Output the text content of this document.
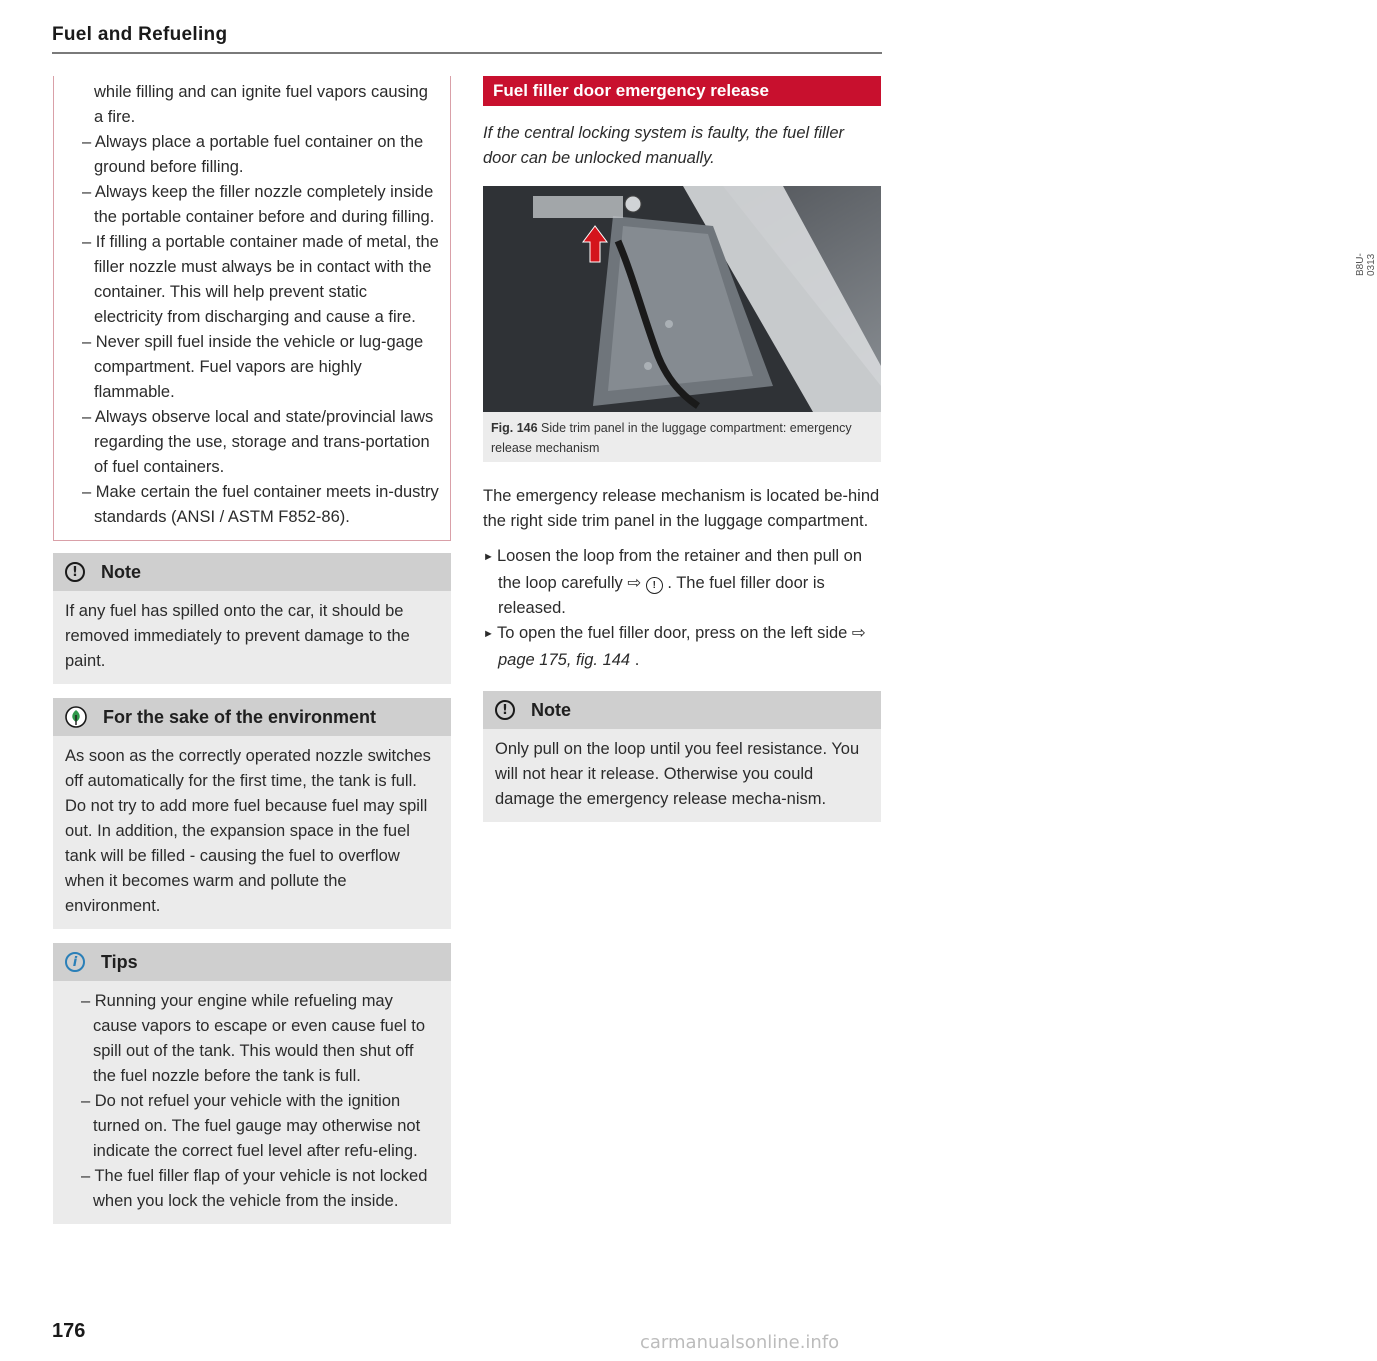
Fuel and Refueling

while filling and can ignite fuel vapors causing a fire.

– Always place a portable fuel container on the ground before filling.
– Always keep the filler nozzle completely inside the portable container before and during filling.
– If filling a portable container made of metal, the filler nozzle must always be in contact with the container. This will help prevent static electricity from discharging and cause a fire.
– Never spill fuel inside the vehicle or lug-gage compartment. Fuel vapors are highly flammable.
– Always observe local and state/provincial laws regarding the use, storage and trans-portation of fuel containers.
– Make certain the fuel container meets in-dustry standards (ANSI / ASTM F852-86).
!	Note

If any fuel has spilled onto the car, it should be removed immediately to prevent damage to the paint.

For the sake of the environment

As soon as the correctly operated nozzle switches off automatically for the first time, the tank is full. Do not try to add more fuel because fuel may spill out. In addition, the expansion space in the fuel tank will be filled - causing the fuel to overflow when it becomes warm and pollute the environment.

i	Tips
– Running your engine while refueling may cause vapors to escape or even cause fuel to spill out of the tank. This would then shut off the fuel nozzle before the tank is full.
– Do not refuel your vehicle with the ignition turned on. The fuel gauge may otherwise not indicate the correct fuel level after refu-eling.
– The fuel filler flap of your vehicle is not locked when you lock the vehicle from the inside.
Fuel filler door emergency release

If the central locking system is faulty, the fuel filler door can be unlocked manually.

B8U-0313
Fig. 146 Side trim panel in the luggage compartment: emergency release mechanism

The emergency release mechanism is located be-hind the right side trim panel in the luggage compartment.

► Loosen the loop from the retainer and then pull on the loop carefully ⇨ ! . The fuel filler door is released.
► To open the fuel filler door, press on the left side ⇨ page 175, fig. 144 .
!	Note

Only pull on the loop until you feel resistance. You will not hear it release. Otherwise you could damage the emergency release mecha-nism.

176
carmanualsonline.info
